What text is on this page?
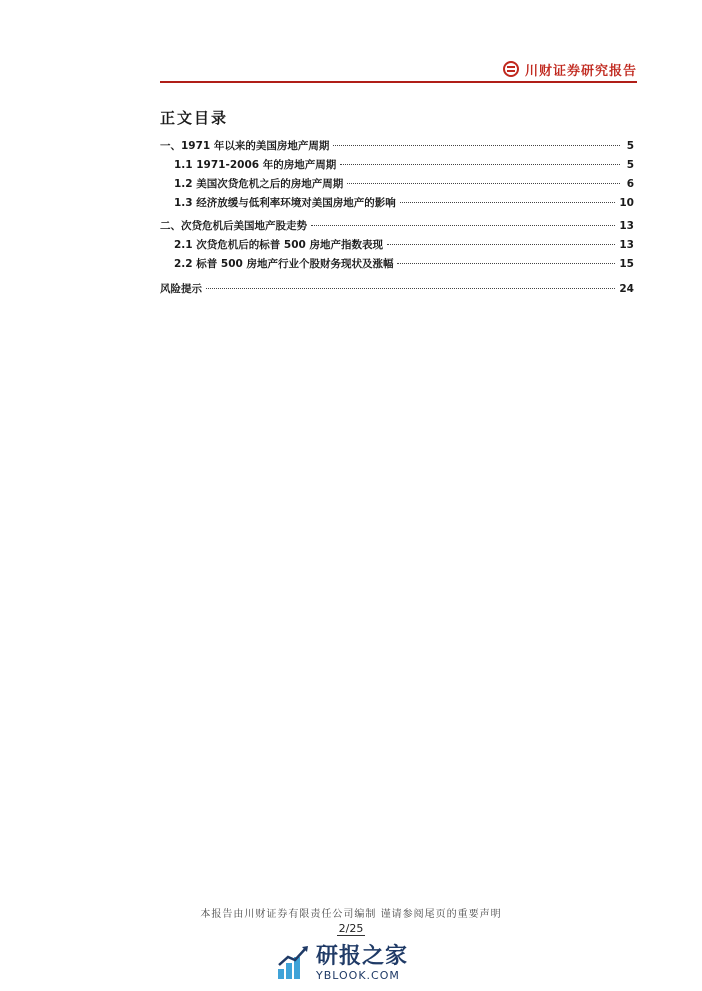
川财证券研究报告
正文目录
一、1971 年以来的美国房地产周期	5
1.1 1971-2006 年的房地产周期	5
1.2 美国次贷危机之后的房地产周期	6
1.3 经济放缓与低利率环境对美国房地产的影响	10
二、次贷危机后美国地产股走势	13
2.1 次贷危机后的标普 500 房地产指数表现	13
2.2 标普 500 房地产行业个股财务现状及涨幅	15
风险提示	24
本报告由川财证券有限责任公司编制 谨请参阅尾页的重要声明
2/25
研报之家
YBLOOK.COM
